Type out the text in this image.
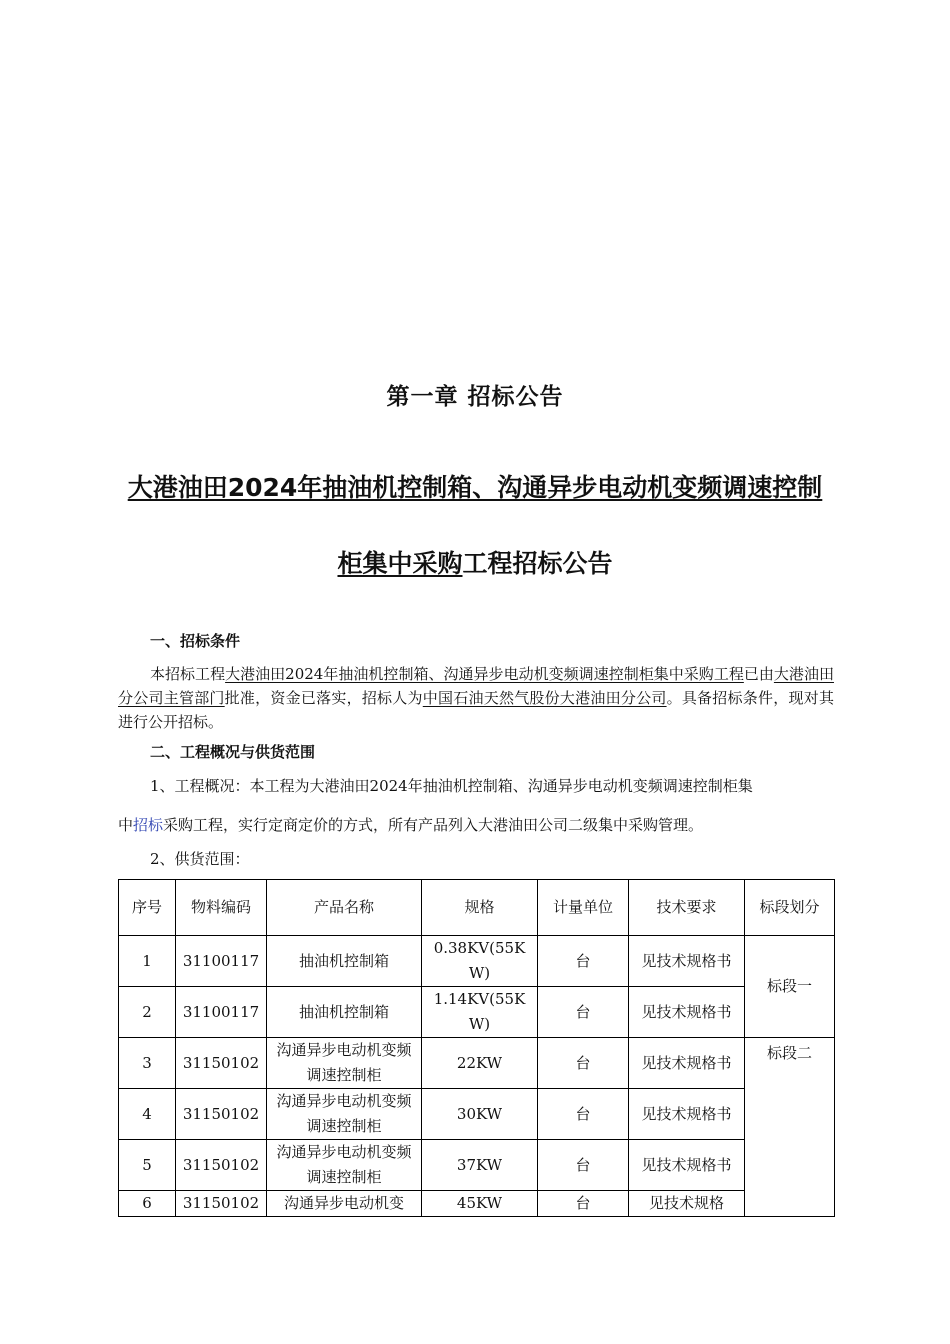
第一章 招标公告
大港油田2024年抽油机控制箱、沟通异步电动机变频调速控制
柜集中采购工程招标公告
一、招标条件
本招标工程大港油田2024年抽油机控制箱、沟通异步电动机变频调速控制柜集中采购工程已由大港油田分公司主管部门批准，资金已落实，招标人为中国石油天然气股份大港油田分公司。具备招标条件，现对其进行公开招标。
二、工程概况与供货范围
1、工程概况：本工程为大港油田2024年抽油机控制箱、沟通异步电动机变频调速控制柜集
中招标采购工程，实行定商定价的方式，所有产品列入大港油田公司二级集中采购管理。
2、供货范围：
序号	物料编码	产品名称	规格	计量单位	技术要求	标段划分
1	31100117	抽油机控制箱	0.38KV(55KW)	台	见技术规格书	标段一
2	31100117	抽油机控制箱	1.14KV(55KW)	台	见技术规格书	
3	31150102	沟通异步电动机变频调速控制柜	22KW	台	见技术规格书	标段二
4	31150102	沟通异步电动机变频调速控制柜	30KW	台	见技术规格书	
5	31150102	沟通异步电动机变频调速控制柜	37KW	台	见技术规格书	
6	31150102	沟通异步电动机变	45KW	台	见技术规格	
